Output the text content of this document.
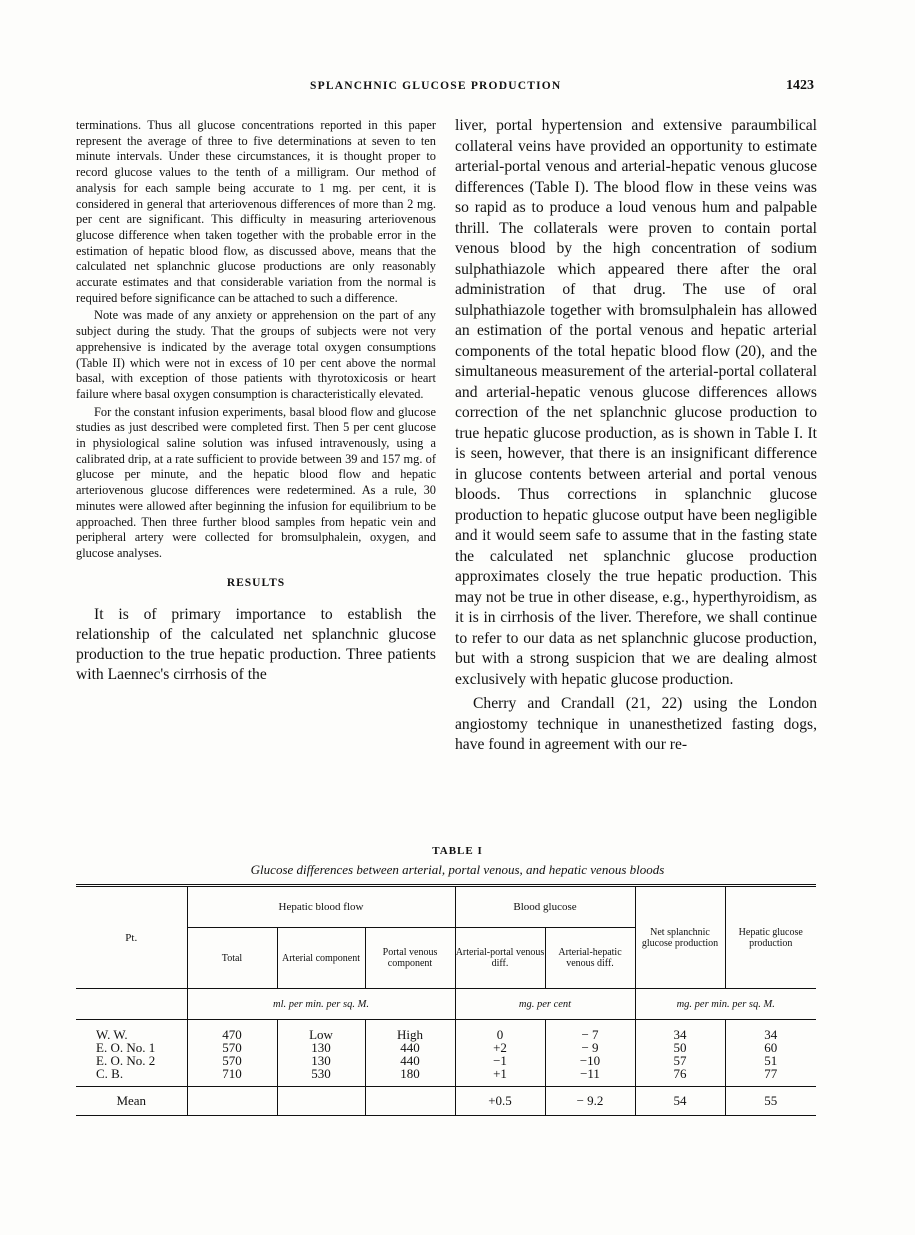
SPLANCHNIC GLUCOSE PRODUCTION	1423

terminations. Thus all glucose concentrations reported in this paper represent the average of three to five determinations at seven to ten minute intervals. Under these circumstances, it is thought proper to record glucose values to the tenth of a milligram. Our method of analysis for each sample being accurate to 1 mg. per cent, it is considered in general that arteriovenous differences of more than 2 mg. per cent are significant. This difficulty in measuring arteriovenous glucose difference when taken together with the probable error in the estimation of hepatic blood flow, as discussed above, means that the calculated net splanchnic glucose productions are only reasonably accurate estimates and that considerable variation from the normal is required before significance can be attached to such a difference.

Note was made of any anxiety or apprehension on the part of any subject during the study. That the groups of subjects were not very apprehensive is indicated by the average total oxygen consumptions (Table II) which were not in excess of 10 per cent above the normal basal, with exception of those patients with thyrotoxicosis or heart failure where basal oxygen consumption is characteristically elevated.

For the constant infusion experiments, basal blood flow and glucose studies as just described were completed first. Then 5 per cent glucose in physiological saline solution was infused intravenously, using a calibrated drip, at a rate sufficient to provide between 39 and 157 mg. of glucose per minute, and the hepatic blood flow and hepatic arteriovenous glucose differences were redetermined. As a rule, 30 minutes were allowed after beginning the infusion for equilibrium to be approached. Then three further blood samples from hepatic vein and peripheral artery were collected for bromsulphalein, oxygen, and glucose analyses.

RESULTS

It is of primary importance to establish the relationship of the calculated net splanchnic glucose production to the true hepatic production. Three patients with Laennec's cirrhosis of the

liver, portal hypertension and extensive paraumbilical collateral veins have provided an opportunity to estimate arterial-portal venous and arterial-hepatic venous glucose differences (Table I). The blood flow in these veins was so rapid as to produce a loud venous hum and palpable thrill. The collaterals were proven to contain portal venous blood by the high concentration of sodium sulphathiazole which appeared there after the oral administration of that drug. The use of oral sulphathiazole together with bromsulphalein has allowed an estimation of the portal venous and hepatic arterial components of the total hepatic blood flow (20), and the simultaneous measurement of the arterial-portal collateral and arterial-hepatic venous glucose differences allows correction of the net splanchnic glucose production to true hepatic glucose production, as is shown in Table I. It is seen, however, that there is an insignificant difference in glucose contents between arterial and portal venous bloods. Thus corrections in splanchnic glucose production to hepatic glucose output have been negligible and it would seem safe to assume that in the fasting state the calculated net splanchnic glucose production approximates closely the true hepatic production. This may not be true in other disease, e.g., hyperthyroidism, as it is in cirrhosis of the liver. Therefore, we shall continue to refer to our data as net splanchnic glucose production, but with a strong suspicion that we are dealing almost exclusively with hepatic glucose production.

Cherry and Crandall (21, 22) using the London angiostomy technique in unanesthetized fasting dogs, have found in agreement with our re-

TABLE I
Glucose differences between arterial, portal venous, and hepatic venous bloods
Pt.	Hepatic blood flow			Blood glucose		Net splanchnic glucose production	Hepatic glucose production
	Total	Arterial component	Portal venous component	Arterial-portal venous diff.	Arterial-hepatic venous diff.		
	ml. per min. per sq. M.			mg. per cent		mg. per min. per sq. M.	
W. W.	470	Low	High	0	− 7	34	34
E. O. No. 1	570	130	440	+2	− 9	50	60
E. O. No. 2	570	130	440	−1	−10	57	51
C. B.	710	530	180	+1	−11	76	77
Mean				+0.5	− 9.2	54	55
